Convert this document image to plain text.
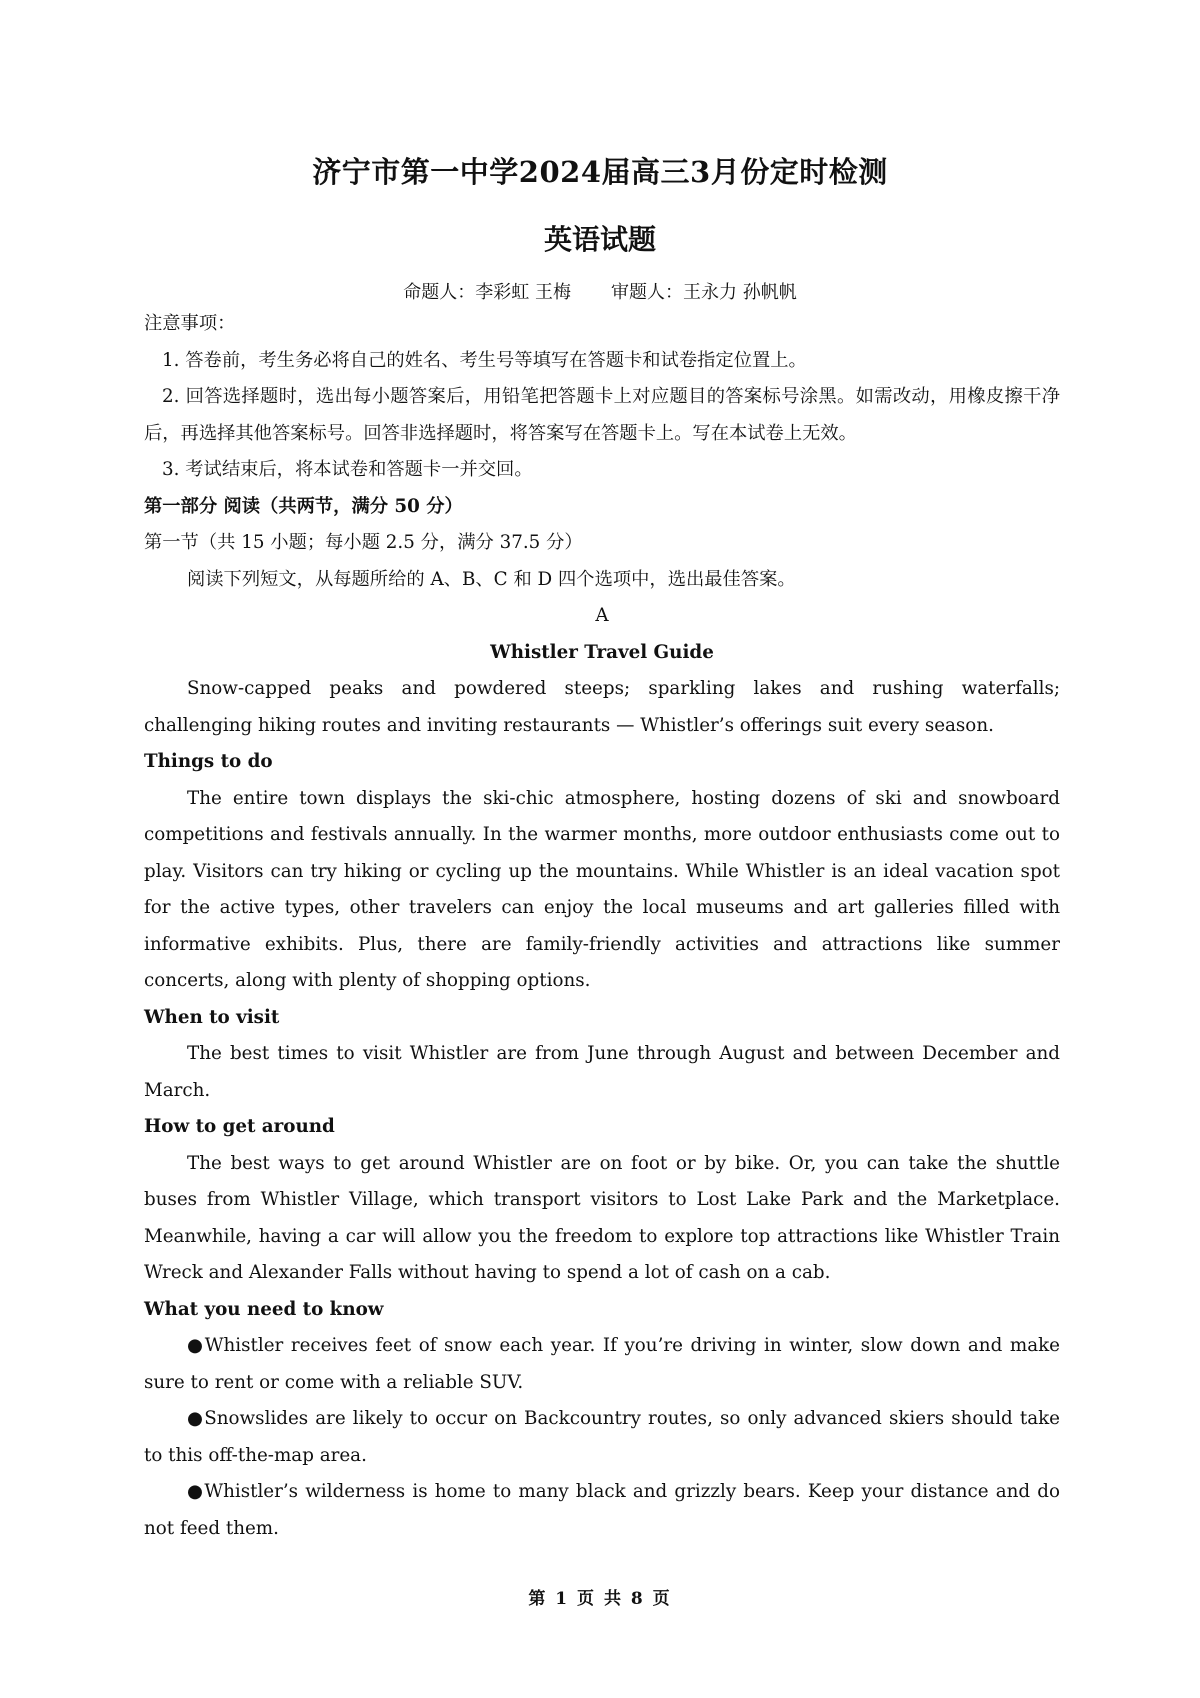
济宁市第一中学2024届高三3月份定时检测
英语试题
命题人：李彩虹 王梅 审题人：王永力 孙帆帆

注意事项：

1. 答卷前，考生务必将自己的姓名、考生号等填写在答题卡和试卷指定位置上。

2. 回答选择题时，选出每小题答案后，用铅笔把答题卡上对应题目的答案标号涂黑。如需改动，用橡皮擦干净后，再选择其他答案标号。回答非选择题时，将答案写在答题卡上。写在本试卷上无效。

3. 考试结束后，将本试卷和答题卡一并交回。

第一部分 阅读（共两节，满分 50 分）

第一节（共 15 小题；每小题 2.5 分，满分 37.5 分）

阅读下列短文，从每题所给的 A、B、C 和 D 四个选项中，选出最佳答案。

A

Whistler Travel Guide

Snow-capped peaks and powdered steeps; sparkling lakes and rushing waterfalls; challenging hiking routes and inviting restaurants — Whistler’s offerings suit every season.

Things to do

The entire town displays the ski-chic atmosphere, hosting dozens of ski and snowboard competitions and festivals annually. In the warmer months, more outdoor enthusiasts come out to play. Visitors can try hiking or cycling up the mountains. While Whistler is an ideal vacation spot for the active types, other travelers can enjoy the local museums and art galleries filled with informative exhibits. Plus, there are family-friendly activities and attractions like summer concerts, along with plenty of shopping options.

When to visit

The best times to visit Whistler are from June through August and between December and March.

How to get around

The best ways to get around Whistler are on foot or by bike. Or, you can take the shuttle buses from Whistler Village, which transport visitors to Lost Lake Park and the Marketplace. Meanwhile, having a car will allow you the freedom to explore top attractions like Whistler Train Wreck and Alexander Falls without having to spend a lot of cash on a cab.

What you need to know

●Whistler receives feet of snow each year. If you’re driving in winter, slow down and make sure to rent or come with a reliable SUV.

●Snowslides are likely to occur on Backcountry routes, so only advanced skiers should take to this off-the-map area.

●Whistler’s wilderness is home to many black and grizzly bears. Keep your distance and do not feed them.

第 1 页 共 8 页
